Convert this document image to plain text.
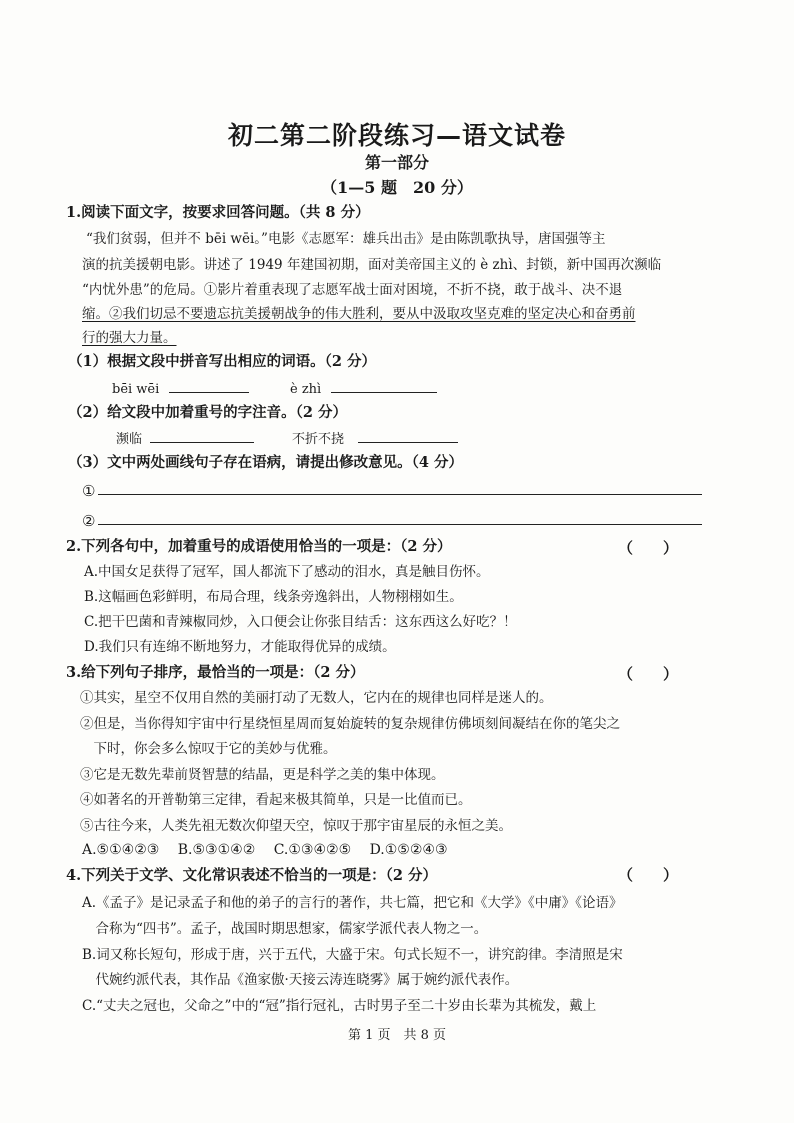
初二第二阶段练习—语文试卷
第一部分
（1—5 题　20 分）
1.阅读下面文字，按要求回答问题。（共 8 分）
“我们贫弱，但并不 bēi wēi。”电影《志愿军：雄兵出击》是由陈凯歌执导，唐国强等主
演的抗美援朝电影。讲述了 1949 年建国初期，面对美帝国主义的 è zhì、封锁，新中国再次濒临
“内忧外患”的危局。①影片着重表现了志愿军战士面对困境，不折不挠，敢于战斗、决不退
缩。②我们切忌不要遗忘抗美援朝战争的伟大胜利，要从中汲取攻坚克难的坚定决心和奋勇前
行的强大力量。
（1）根据文段中拼音写出相应的词语。（2 分）
bēi wēi	è zhì
（2）给文段中加着重号的字注音。（2 分）
濒临	不折不挠
（3）文中两处画线句子存在语病，请提出修改意见。（4 分）
①
②
2.下列各句中，加着重号的成语使用恰当的一项是：（2 分）	（　　）
A.中国女足获得了冠军，国人都流下了感动的泪水，真是触目伤怀。
B.这幅画色彩鲜明，布局合理，线条旁逸斜出，人物栩栩如生。
C.把干巴菌和青辣椒同炒，入口便会让你张目结舌：这东西这么好吃？！
D.我们只有连绵不断地努力，才能取得优异的成绩。
3.给下列句子排序，最恰当的一项是：（2 分）	（　　）
①其实，星空不仅用自然的美丽打动了无数人，它内在的规律也同样是迷人的。
②但是，当你得知宇宙中行星绕恒星周而复始旋转的复杂规律仿佛顷刻间凝结在你的笔尖之
　下时，你会多么惊叹于它的美妙与优雅。
③它是无数先辈前贤智慧的结晶，更是科学之美的集中体现。
④如著名的开普勒第三定律，看起来极其简单，只是一比值而已。
⑤古往今来，人类先祖无数次仰望天空，惊叹于那宇宙星辰的永恒之美。
A.⑤①④②③　 B.⑤③①④②　 C.①③④②⑤　 D.①⑤②④③
4.下列关于文学、文化常识表述不恰当的一项是：（2 分）	（　　）
A.《孟子》是记录孟子和他的弟子的言行的著作，共七篇，把它和《大学》《中庸》《论语》
　合称为“四书”。孟子，战国时期思想家，儒家学派代表人物之一。
B.词又称长短句，形成于唐，兴于五代，大盛于宋。句式长短不一，讲究韵律。李清照是宋
　代婉约派代表，其作品《渔家傲·天接云涛连晓雾》属于婉约派代表作。
C.“丈夫之冠也，父命之”中的“冠”指行冠礼，古时男子至二十岁由长辈为其梳发，戴上
第 1 页　共 8 页
